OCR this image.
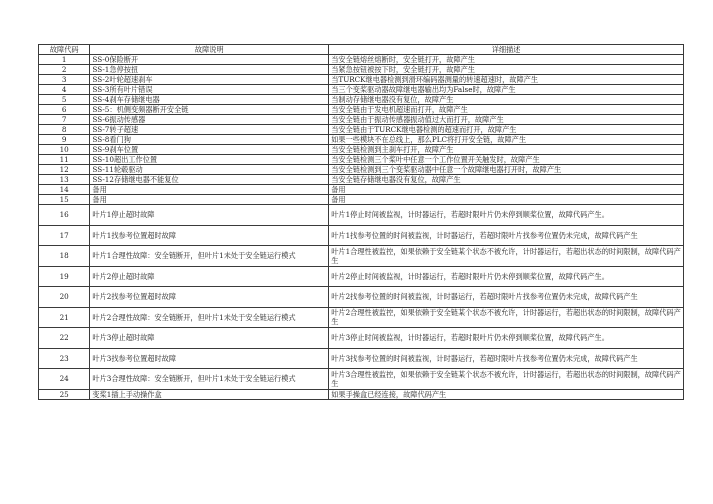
故障代码	故障说明	详细描述
1	SS-0保险断开	当安全链熔丝熔断时，安全链打开，故障产生
2	SS-1急停按扭	当紧急按钮被按下时，安全链打开，故障产生
3	SS-2叶轮超速刹车	当TURCK继电器检测到滑环编码器测量的转速超速时，故障产生
4	SS-3所有叶片错误	当三个变桨驱动器故障继电器输出均为False时，故障产生
5	SS-4刹车存储继电器	当制动存储继电器没有复位，故障产生
6	SS-5：机侧变频器断开安全链	当安全链由于发电机超速而打开，故障产生
7	SS-6振动传感器	当安全链由于振动传感器振动值过大而打开，故障产生
8	SS-7转子超速	当安全链由于TURCK继电器检测的超速而打开，故障产生
9	SS-8看门狗	如果一些模块不在总线上，那么PLC将打开安全链，故障产生
10	SS-9刹车位置	当安全链检测到主刹车打开，故障产生
11	SS-10超出工作位置	当安全链检测三个桨叶中任意一个工作位置开关触发时，故障产生
12	SS-11轮毂驱动	当安全链检测到三个变桨驱动器中任意一个故障继电器打开时，故障产生
13	SS-12存储继电器不能复位	当安全链存储继电器没有复位，故障产生
14	备用	备用
15	备用	备用
16	叶片1停止超时故障	叶片1停止时间被监视，计时器运行，若超时限叶片仍未停到顺桨位置，故障代码产生。
17	叶片1找参考位置超时故障	叶片1找参考位置的时间被监视，计时器运行，若超时限叶片找参考位置仍未完成，故障代码产生
18	叶片1合理性故障：安全链断开，但叶片1未处于安全链运行模式	叶片1合理性被监控，如果依赖于安全链某个状态不被允许，计时器运行，若超出状态的时间限制，故障代码产生
19	叶片2停止超时故障	叶片2停止时间被监视，计时器运行，若超时限叶片仍未停到顺桨位置，故障代码产生。
20	叶片2找参考位置超时故障	叶片2找参考位置的时间被监视，计时器运行，若超时限叶片找参考位置仍未完成，故障代码产生
21	叶片2合理性故障：安全链断开，但叶片1未处于安全链运行模式	叶片2合理性被监控，如果依赖于安全链某个状态不被允许，计时器运行，若超出状态的时间限制，故障代码产生
22	叶片3停止超时故障	叶片3停止时间被监视，计时器运行，若超时限叶片仍未停到顺桨位置，故障代码产生。
23	叶片3找参考位置超时故障	叶片3找参考位置的时间被监视，计时器运行，若超时限叶片找参考位置仍未完成，故障代码产生
24	叶片3合理性故障：安全链断开，但叶片1未处于安全链运行模式	叶片3合理性被监控，如果依赖于安全链某个状态不被允许，计时器运行，若超出状态的时间限制，故障代码产生
25	变桨1插上手动操作盒	如果手操盒已经连接，故障代码产生
